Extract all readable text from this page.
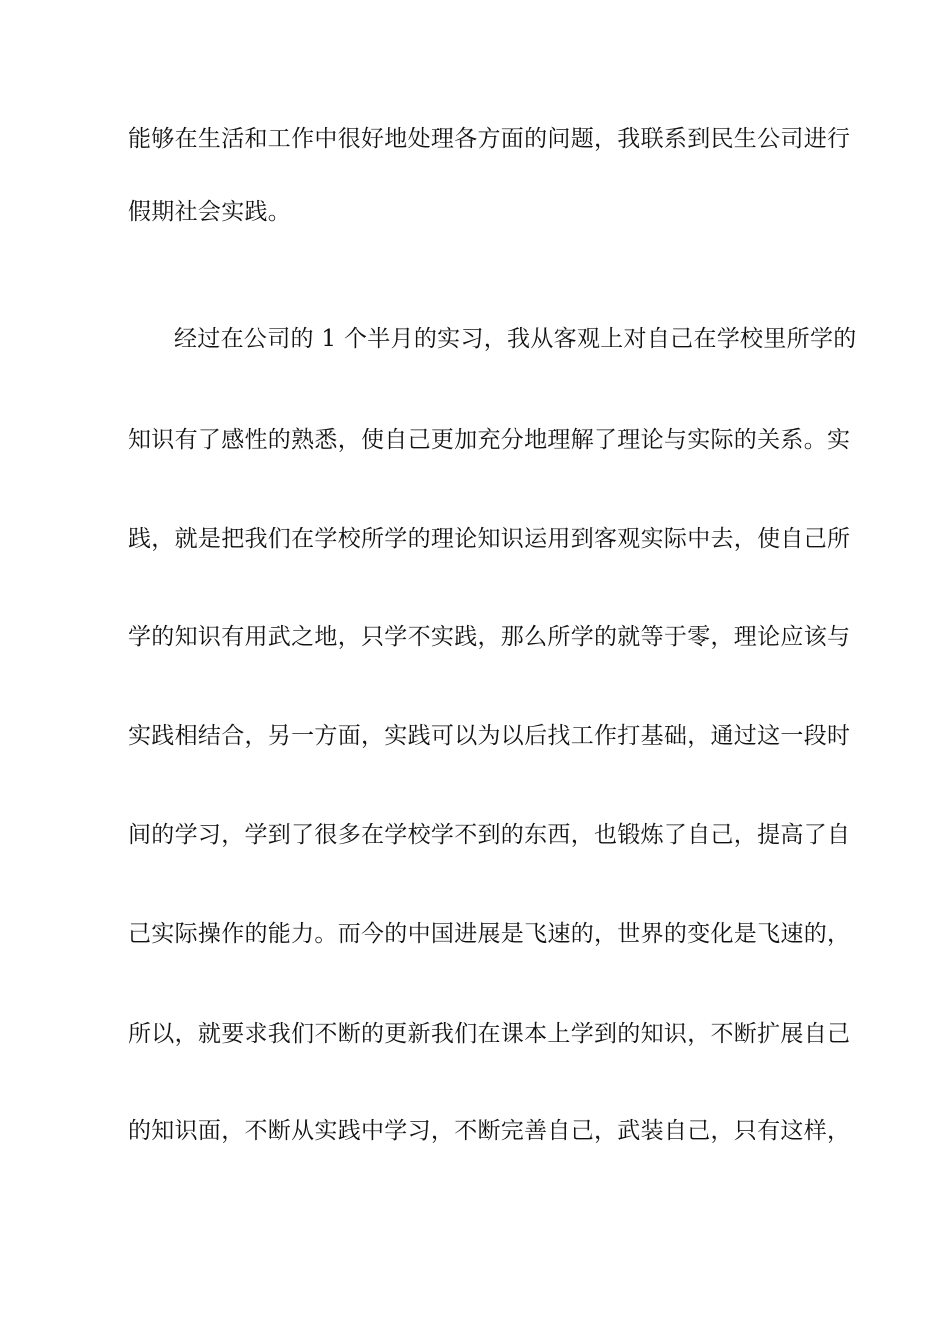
能够在生活和工作中很好地处理各方面的问题，我联系到民生公司进行
假期社会实践。
经过在公司的 1 个半月的实习，我从客观上对自己在学校里所学的
知识有了感性的熟悉，使自己更加充分地理解了理论与实际的关系。实
践，就是把我们在学校所学的理论知识运用到客观实际中去，使自己所
学的知识有用武之地，只学不实践，那么所学的就等于零，理论应该与
实践相结合，另一方面，实践可以为以后找工作打基础，通过这一段时
间的学习，学到了很多在学校学不到的东西，也锻炼了自己，提高了自
己实际操作的能力。而今的中国进展是飞速的，世界的变化是飞速的，
所以，就要求我们不断的更新我们在课本上学到的知识，不断扩展自己
的知识面，不断从实践中学习，不断完善自己，武装自己，只有这样，
